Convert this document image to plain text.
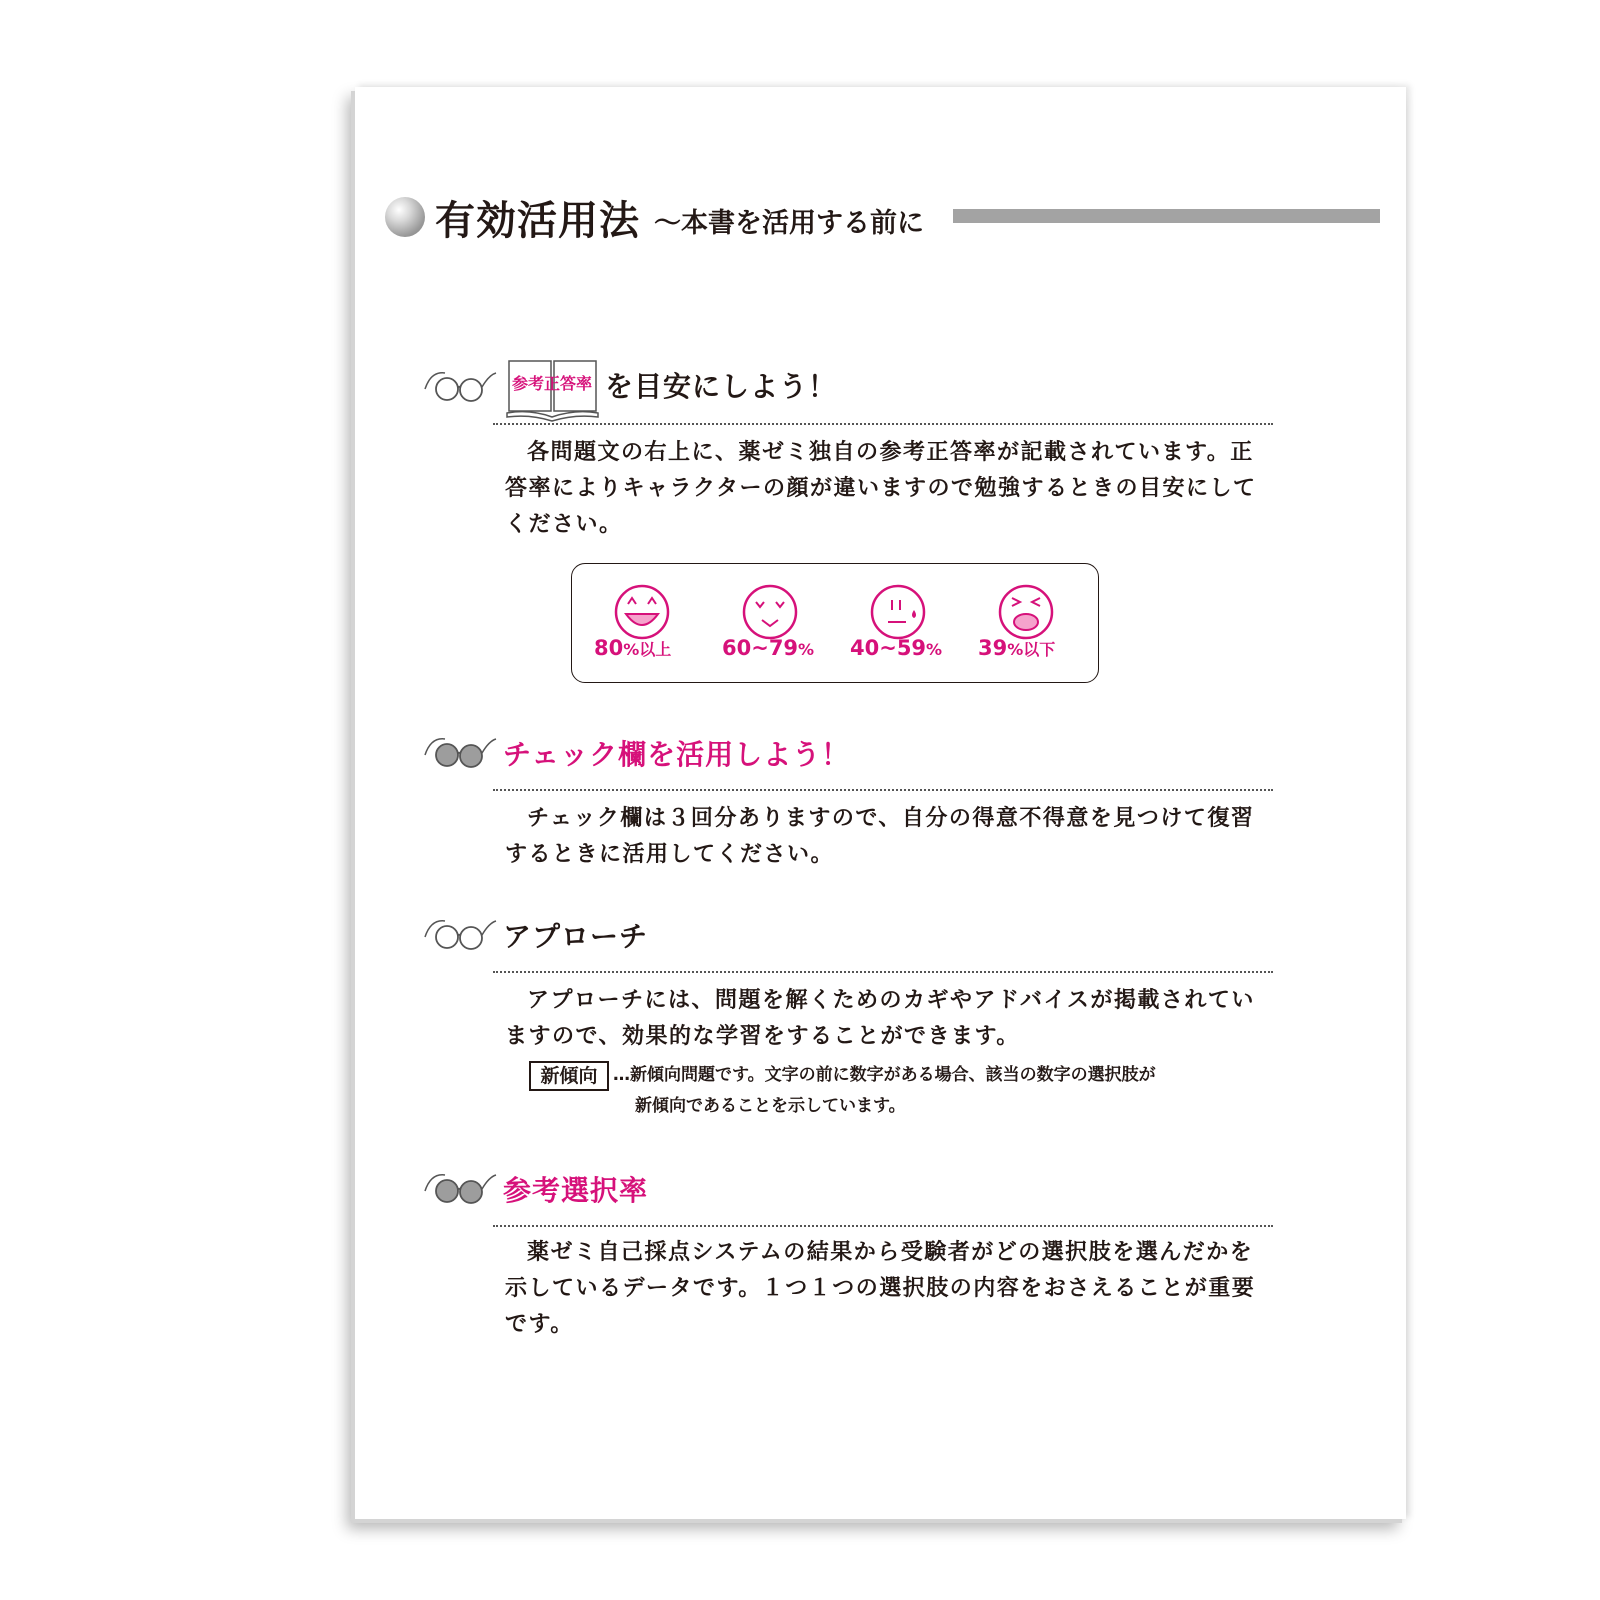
有効活用法 ～本書を活用する前に
参考正答率 を目安にしよう！
各問題文の右上に、薬ゼミ独自の参考正答率が記載されています。正
答率によりキャラクターの顔が違いますので勉強するときの目安にして
ください。
80%以上 60~79% 40~59% 39%以下
チェック欄を活用しよう！
チェック欄は３回分ありますので、自分の得意不得意を見つけて復習
するときに活用してください。
アプローチ
アプローチには、問題を解くためのカギやアドバイスが掲載されてい
ますので、効果的な学習をすることができます。
新傾向 …新傾向問題です。文字の前に数字がある場合、該当の数字の選択肢が
新傾向であることを示しています。
参考選択率
薬ゼミ自己採点システムの結果から受験者がどの選択肢を選んだかを
示しているデータです。１つ１つの選択肢の内容をおさえることが重要
です。
